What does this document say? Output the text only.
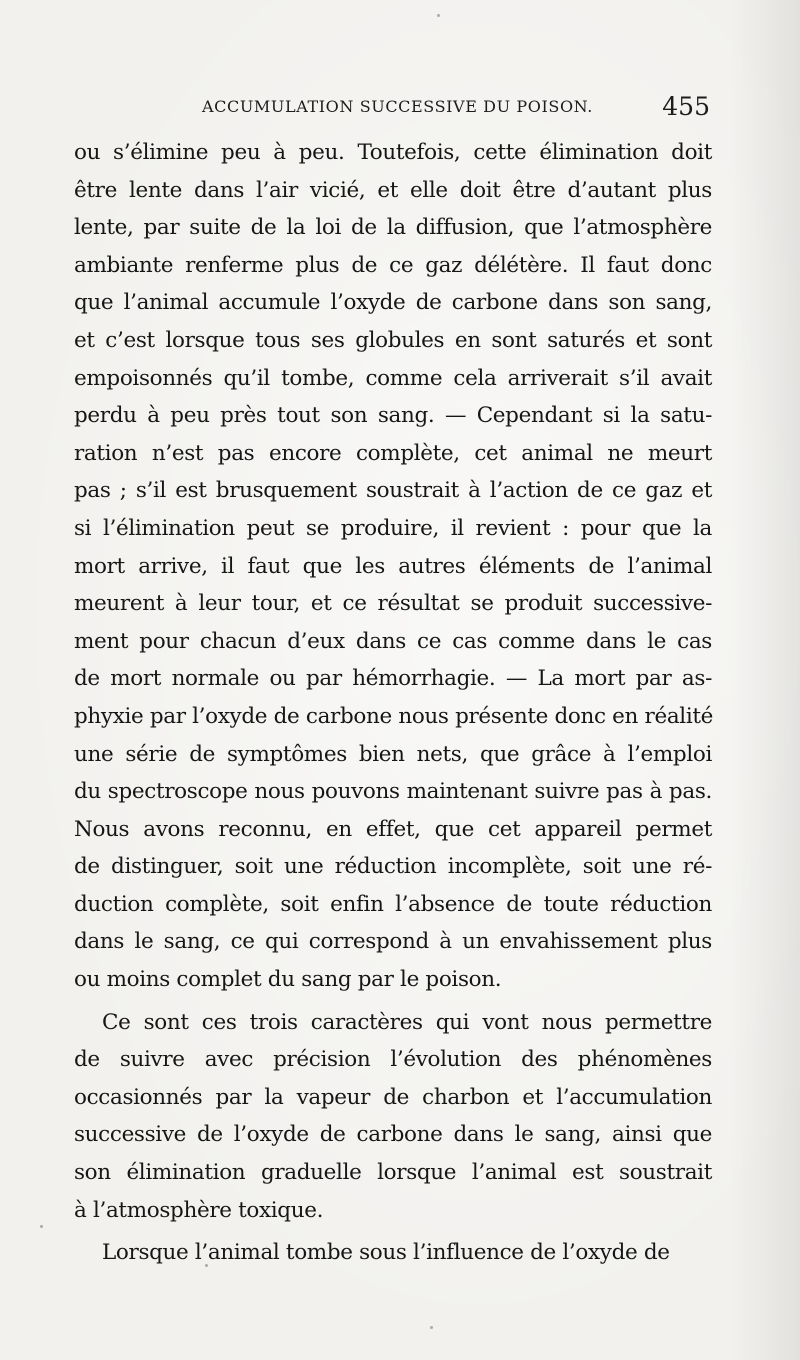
ACCUMULATION SUCCESSIVE DU POISON.	455
ou s’élimine peu à peu. Toutefois, cette élimination doit
être lente dans l’air vicié, et elle doit être d’autant plus
lente, par suite de la loi de la diffusion, que l’atmosphère
ambiante renferme plus de ce gaz délétère. Il faut donc
que l’animal accumule l’oxyde de carbone dans son sang,
et c’est lorsque tous ses globules en sont saturés et sont
empoisonnés qu’il tombe, comme cela arriverait s’il avait
perdu à peu près tout son sang. — Cependant si la satu-
ration n’est pas encore complète, cet animal ne meurt
pas ; s’il est brusquement soustrait à l’action de ce gaz et
si l’élimination peut se produire, il revient : pour que la
mort arrive, il faut que les autres éléments de l’animal
meurent à leur tour, et ce résultat se produit successive-
ment pour chacun d’eux dans ce cas comme dans le cas
de mort normale ou par hémorrhagie. — La mort par as-
phyxie par l’oxyde de carbone nous présente donc en réalité
une série de symptômes bien nets, que grâce à l’emploi
du spectroscope nous pouvons maintenant suivre pas à pas.
Nous avons reconnu, en effet, que cet appareil permet
de distinguer, soit une réduction incomplète, soit une ré-
duction complète, soit enfin l’absence de toute réduction
dans le sang, ce qui correspond à un envahissement plus
ou moins complet du sang par le poison.
Ce sont ces trois caractères qui vont nous permettre
de suivre avec précision l’évolution des phénomènes
occasionnés par la vapeur de charbon et l’accumulation
successive de l’oxyde de carbone dans le sang, ainsi que
son élimination graduelle lorsque l’animal est soustrait
à l’atmosphère toxique.
Lorsque l’animal tombe sous l’influence de l’oxyde de
